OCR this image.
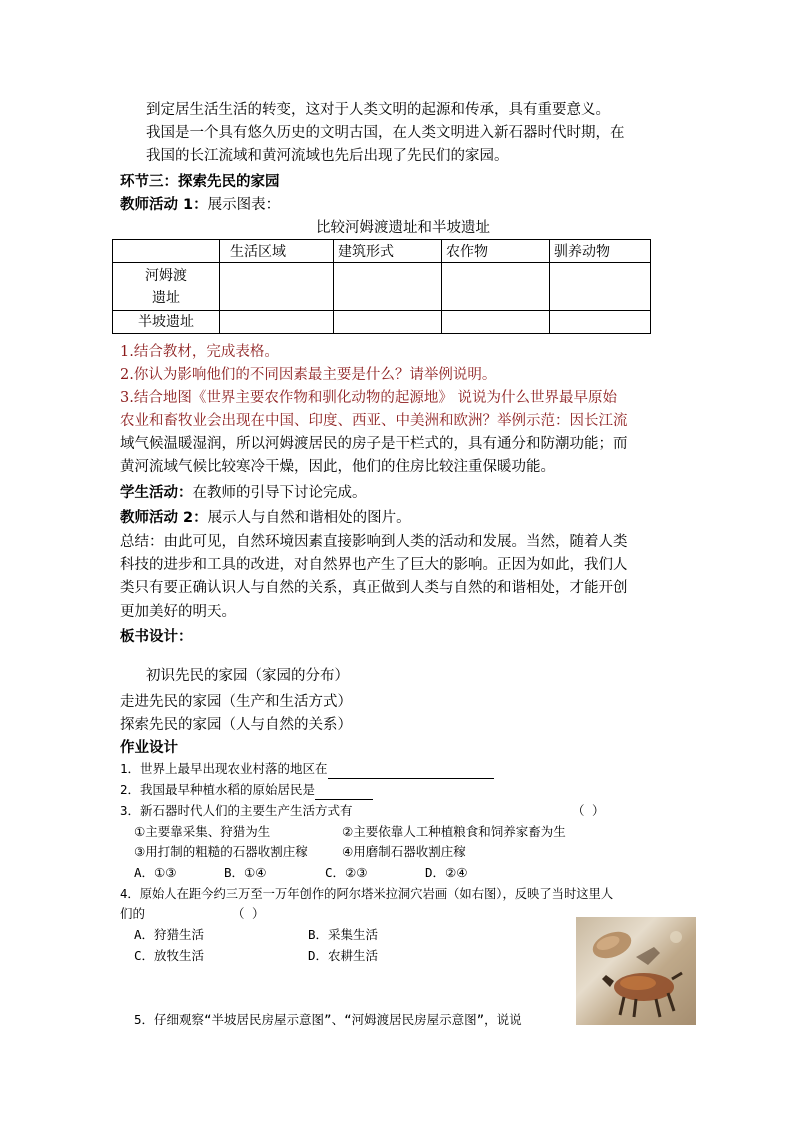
到定居生活生活的转变，这对于人类文明的起源和传承，具有重要意义。
我国是一个具有悠久历史的文明古国，在人类文明进入新石器时代时期，在
我国的长江流域和黄河流域也先后出现了先民们的家园。
环节三：探索先民的家园
教师活动 1：展示图表：
比较河姆渡遗址和半坡遗址
	生活区域	建筑形式	农作物	驯养动物
河姆渡遗址				
半坡遗址				
1.结合教材，完成表格。
2.你认为影响他们的不同因素最主要是什么？请举例说明。
3.结合地图《世界主要农作物和驯化动物的起源地》 说说为什么世界最早原始
农业和畜牧业会出现在中国、印度、西亚、中美洲和欧洲？举例示范：因长江流
域气候温暖湿润，所以河姆渡居民的房子是干栏式的，具有通分和防潮功能；而
黄河流域气候比较寒冷干燥，因此，他们的住房比较注重保暖功能。
学生活动：在教师的引导下讨论完成。
教师活动 2：展示人与自然和谐相处的图片。
总结：由此可见，自然环境因素直接影响到人类的活动和发展。当然，随着人类
科技的进步和工具的改进，对自然界也产生了巨大的影响。正因为如此，我们人
类只有要正确认识人与自然的关系，真正做到人类与自然的和谐相处，才能开创
更加美好的明天。
板书设计：
初识先民的家园（家园的分布）
走进先民的家园（生产和生活方式）
探索先民的家园（人与自然的关系）
作业设计
1．世界上最早出现农业村落的地区在
2．我国最早种植水稻的原始居民是
3．新石器时代人们的主要生产生活方式有	（ ）
①主要靠采集、狩猎为生	②主要依靠人工种植粮食和饲养家畜为生
③用打制的粗糙的石器收割庄稼	④用磨制石器收割庄稼
A．①③	B．①④	C．②③	D．②④
4．原始人在距今约三万至一万年创作的阿尔塔米拉洞穴岩画（如右图），反映了当时这里人
们的	（ ）
A．狩猎生活	B．采集生活
C．放牧生活	D．农耕生活
5．仔细观察“半坡居民房屋示意图”、“河姆渡居民房屋示意图”，说说
